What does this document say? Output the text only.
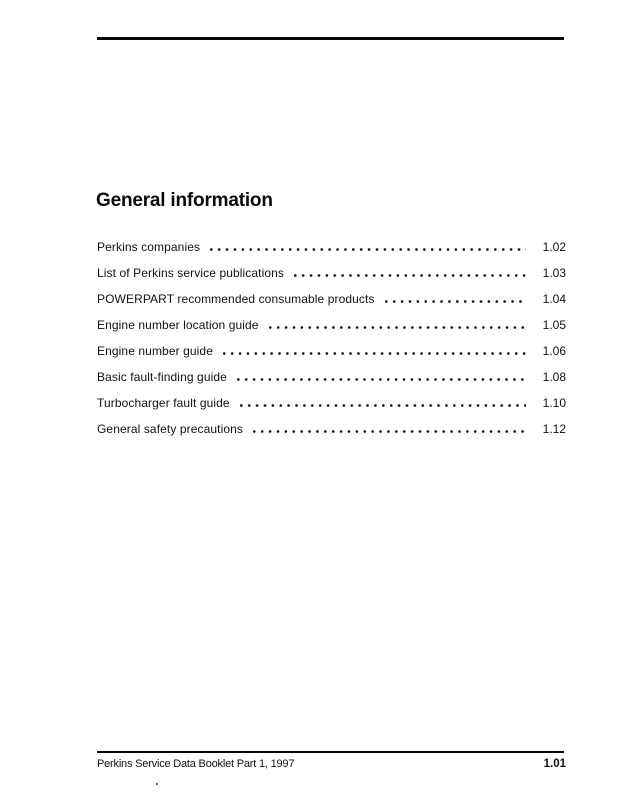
General information
Perkins companies	1.02
List of Perkins service publications	1.03
POWERPART recommended consumable products	1.04
Engine number location guide	1.05
Engine number guide	1.06
Basic fault-finding guide	1.08
Turbocharger fault guide	1.10
General safety precautions	1.12
Perkins Service Data Booklet Part 1, 1997	1.01
